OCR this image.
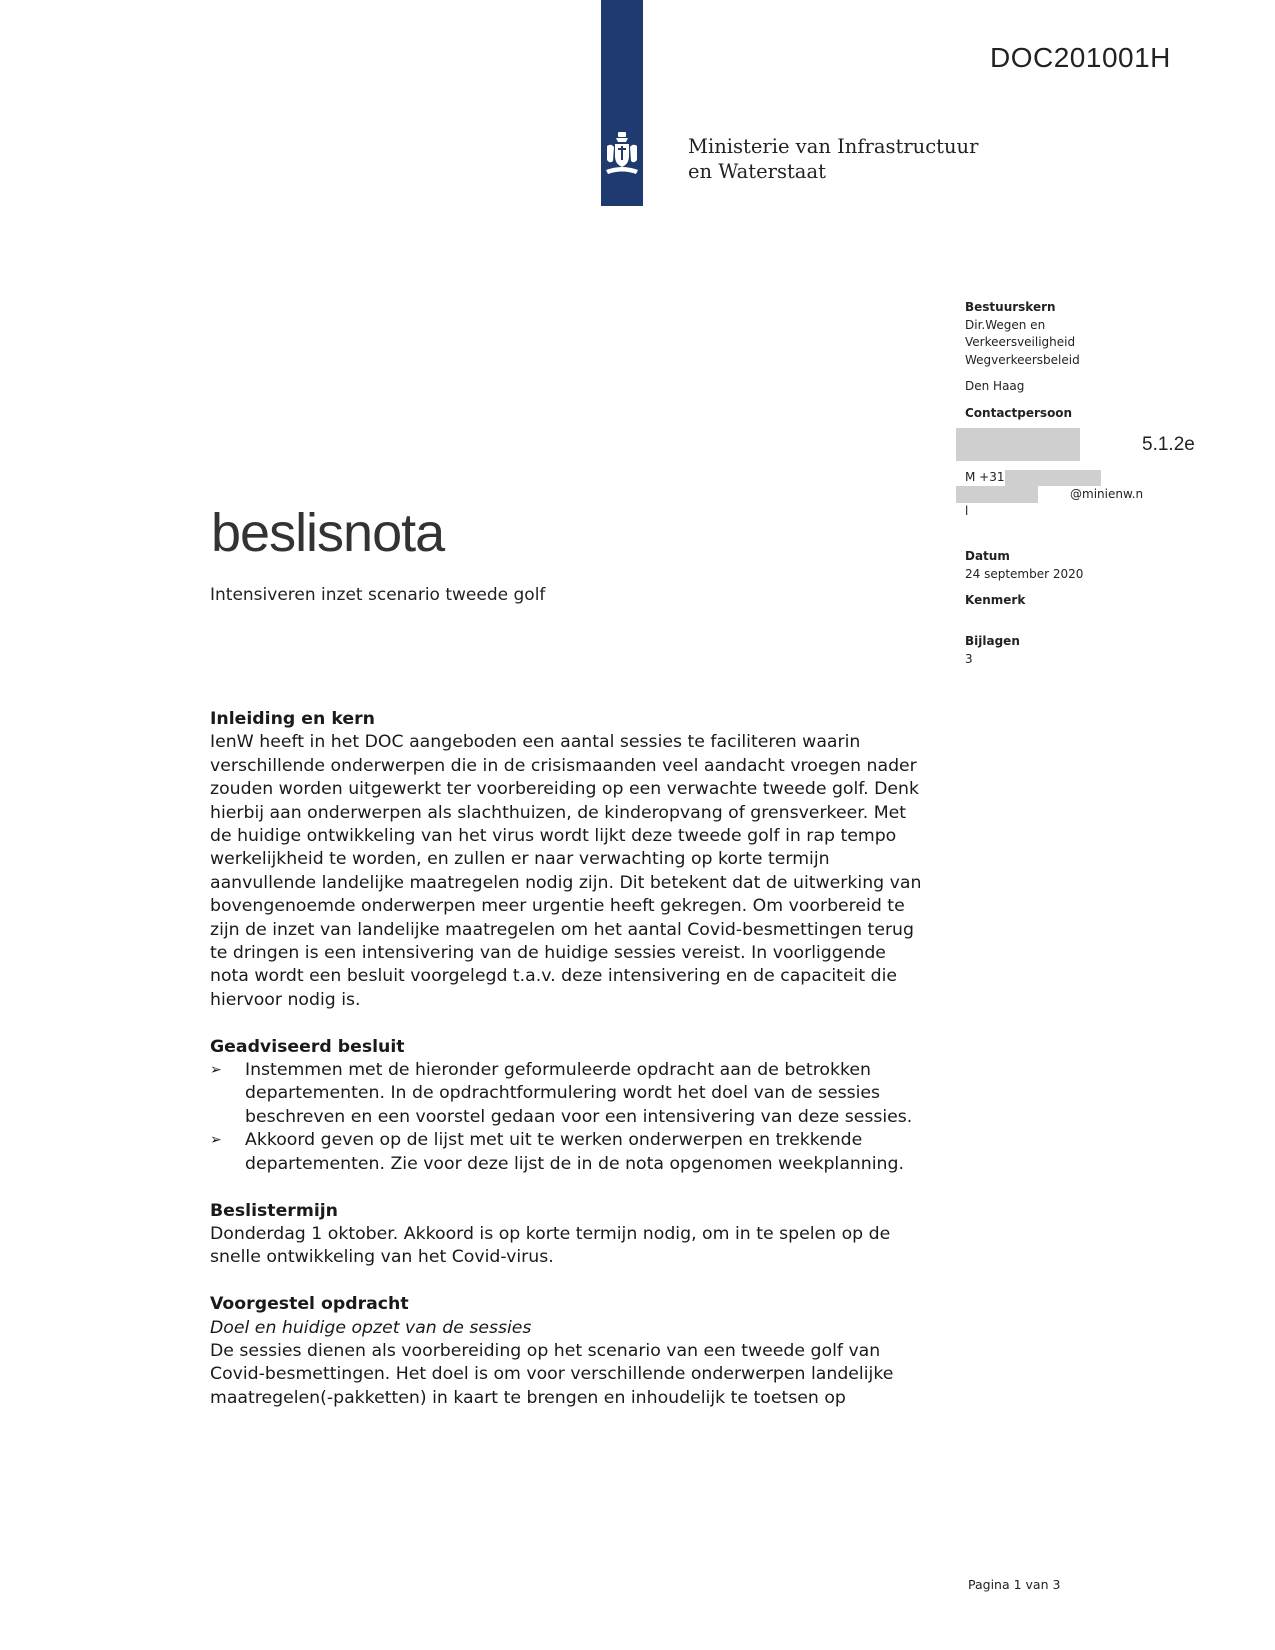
DOC201001H
Ministerie van Infrastructuur
en Waterstaat
Bestuurskern
Dir.Wegen en
Verkeersveiligheid
Wegverkeersbeleid
Den Haag
Contactpersoon
5.1.2e
M +31
@minienw.n
l
Datum
24 september 2020
Kenmerk
Bijlagen
3
beslisnota
Intensiveren inzet scenario tweede golf
Inleiding en kern

IenW heeft in het DOC aangeboden een aantal sessies te faciliteren waarin verschillende onderwerpen die in de crisismaanden veel aandacht vroegen nader zouden worden uitgewerkt ter voorbereiding op een verwachte tweede golf. Denk hierbij aan onderwerpen als slachthuizen, de kinderopvang of grensverkeer. Met de huidige ontwikkeling van het virus wordt lijkt deze tweede golf in rap tempo werkelijkheid te worden, en zullen er naar verwachting op korte termijn aanvullende landelijke maatregelen nodig zijn. Dit betekent dat de uitwerking van bovengenoemde onderwerpen meer urgentie heeft gekregen. Om voorbereid te zijn de inzet van landelijke maatregelen om het aantal Covid-besmettingen terug te dringen is een intensivering van de huidige sessies vereist. In voorliggende nota wordt een besluit voorgelegd t.a.v. deze intensivering en de capaciteit die hiervoor nodig is.

Geadviseerd besluit
➢ Instemmen met de hieronder geformuleerde opdracht aan de betrokken departementen. In de opdrachtformulering wordt het doel van de sessies beschreven en een voorstel gedaan voor een intensivering van deze sessies.
➢ Akkoord geven op de lijst met uit te werken onderwerpen en trekkende departementen. Zie voor deze lijst de in de nota opgenomen weekplanning.
Beslistermijn

Donderdag 1 oktober. Akkoord is op korte termijn nodig, om in te spelen op de snelle ontwikkeling van het Covid-virus.

Voorgestel opdracht

Doel en huidige opzet van de sessies

De sessies dienen als voorbereiding op het scenario van een tweede golf van Covid-besmettingen. Het doel is om voor verschillende onderwerpen landelijke maatregelen(-pakketten) in kaart te brengen en inhoudelijk te toetsen op

Pagina 1 van 3
